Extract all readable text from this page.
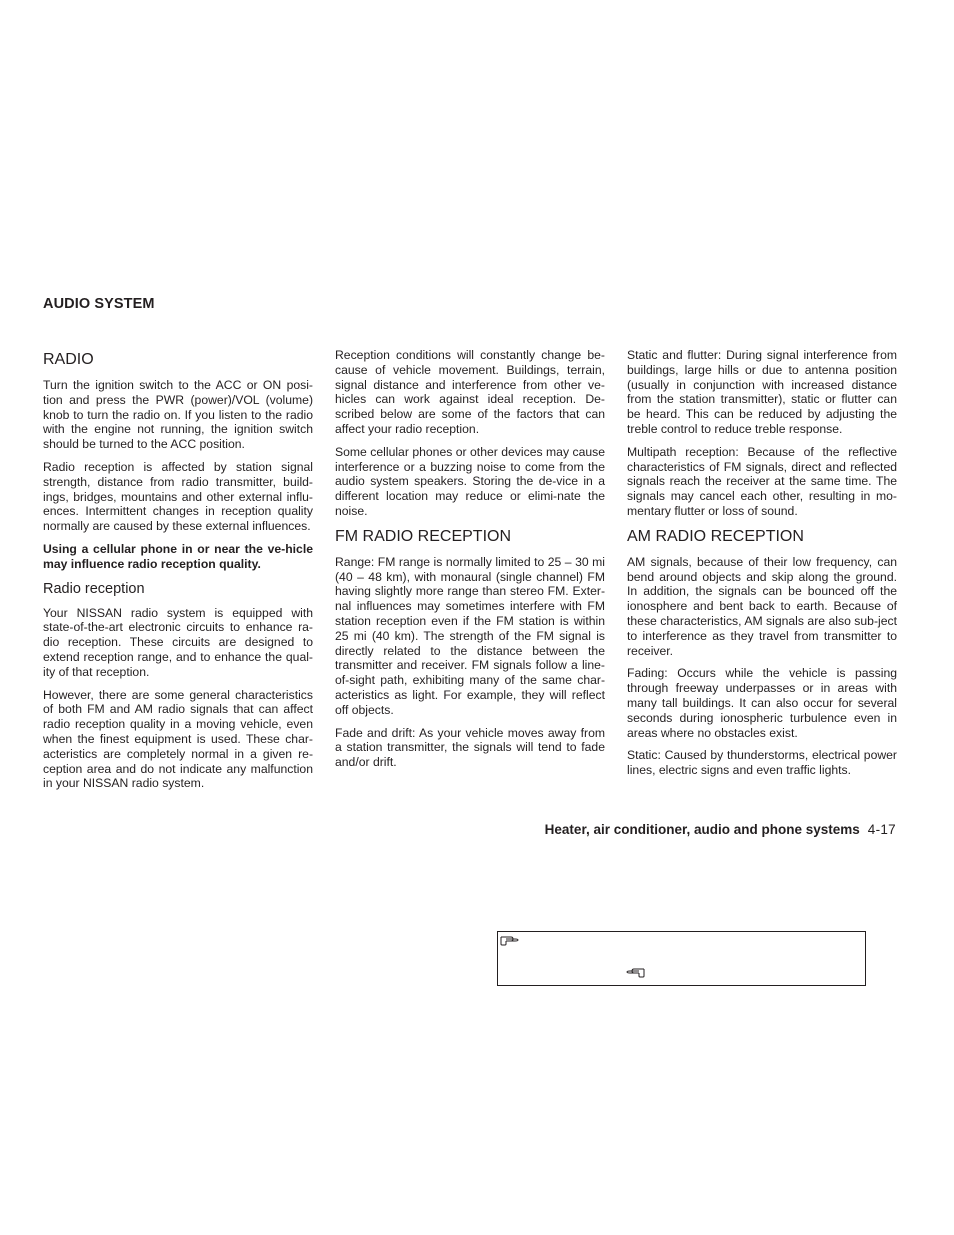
AUDIO SYSTEM
RADIO

Turn the ignition switch to the ACC or ON posi-tion and press the PWR (power)/VOL (volume) knob to turn the radio on. If you listen to the radio with the engine not running, the ignition switch should be turned to the ACC position.

Radio reception is affected by station signal strength, distance from radio transmitter, build-ings, bridges, mountains and other external influ-ences. Intermittent changes in reception quality normally are caused by these external influences.

Using a cellular phone in or near the ve-hicle may influence radio reception quality.

Radio reception

Your NISSAN radio system is equipped with state-of-the-art electronic circuits to enhance ra-dio reception. These circuits are designed to extend reception range, and to enhance the qual-ity of that reception.

However, there are some general characteristics of both FM and AM radio signals that can affect radio reception quality in a moving vehicle, even when the finest equipment is used. These char-acteristics are completely normal in a given re-ception area and do not indicate any malfunction in your NISSAN radio system.

Reception conditions will constantly change be-cause of vehicle movement. Buildings, terrain, signal distance and interference from other ve-hicles can work against ideal reception. De-scribed below are some of the factors that can affect your radio reception.

Some cellular phones or other devices may cause interference or a buzzing noise to come from the audio system speakers. Storing the de-vice in a different location may reduce or elimi-nate the noise.

FM RADIO RECEPTION

Range: FM range is normally limited to 25 – 30 mi (40 – 48 km), with monaural (single channel) FM having slightly more range than stereo FM. Exter-nal influences may sometimes interfere with FM station reception even if the FM station is within 25 mi (40 km). The strength of the FM signal is directly related to the distance between the transmitter and receiver. FM signals follow a line-of-sight path, exhibiting many of the same char-acteristics as light. For example, they will reflect off objects.

Fade and drift: As your vehicle moves away from a station transmitter, the signals will tend to fade and/or drift.

Static and flutter: During signal interference from buildings, large hills or due to antenna position (usually in conjunction with increased distance from the station transmitter), static or flutter can be heard. This can be reduced by adjusting the treble control to reduce treble response.

Multipath reception: Because of the reflective characteristics of FM signals, direct and reflected signals reach the receiver at the same time. The signals may cancel each other, resulting in mo-mentary flutter or loss of sound.

AM RADIO RECEPTION

AM signals, because of their low frequency, can bend around objects and skip along the ground. In addition, the signals can be bounced off the ionosphere and bent back to earth. Because of these characteristics, AM signals are also sub-ject to interference as they travel from transmitter to receiver.

Fading: Occurs while the vehicle is passing through freeway underpasses or in areas with many tall buildings. It can also occur for several seconds during ionospheric turbulence even in areas where no obstacles exist.

Static: Caused by thunderstorms, electrical power lines, electric signs and even traffic lights.

Heater, air conditioner, audio and phone systems 4-17
